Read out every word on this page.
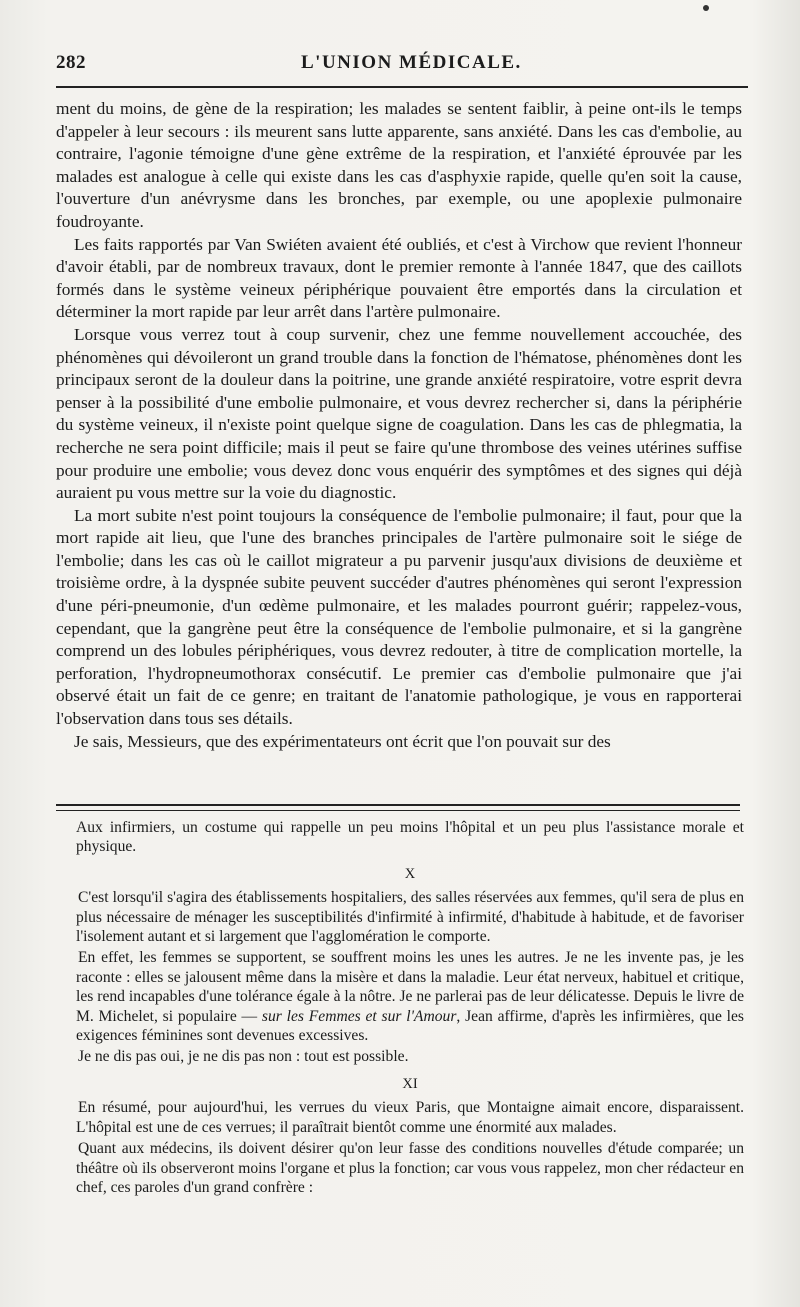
282	L'UNION MÉDICALE.

ment du moins, de gène de la respiration; les malades se sentent faiblir, à peine ont-ils le temps d'appeler à leur secours : ils meurent sans lutte apparente, sans anxiété. Dans les cas d'embolie, au contraire, l'agonie témoigne d'une gène extrême de la respiration, et l'anxiété éprouvée par les malades est analogue à celle qui existe dans les cas d'asphyxie rapide, quelle qu'en soit la cause, l'ouverture d'un anévrysme dans les bronches, par exemple, ou une apoplexie pulmonaire foudroyante.

Les faits rapportés par Van Swiéten avaient été oubliés, et c'est à Virchow que revient l'honneur d'avoir établi, par de nombreux travaux, dont le premier remonte à l'année 1847, que des caillots formés dans le système veineux périphérique pouvaient être emportés dans la circulation et déterminer la mort rapide par leur arrêt dans l'artère pulmonaire.

Lorsque vous verrez tout à coup survenir, chez une femme nouvellement accouchée, des phénomènes qui dévoileront un grand trouble dans la fonction de l'hématose, phénomènes dont les principaux seront de la douleur dans la poitrine, une grande anxiété respiratoire, votre esprit devra penser à la possibilité d'une embolie pulmonaire, et vous devrez rechercher si, dans la périphérie du système veineux, il n'existe point quelque signe de coagulation. Dans les cas de phlegmatia, la recherche ne sera point difficile; mais il peut se faire qu'une thrombose des veines utérines suffise pour produire une embolie; vous devez donc vous enquérir des symptômes et des signes qui déjà auraient pu vous mettre sur la voie du diagnostic.

La mort subite n'est point toujours la conséquence de l'embolie pulmonaire; il faut, pour que la mort rapide ait lieu, que l'une des branches principales de l'artère pulmonaire soit le siége de l'embolie; dans les cas où le caillot migrateur a pu parvenir jusqu'aux divisions de deuxième et troisième ordre, à la dyspnée subite peuvent succéder d'autres phénomènes qui seront l'expression d'une péri-pneumonie, d'un œdème pulmonaire, et les malades pourront guérir; rappelez-vous, cependant, que la gangrène peut être la conséquence de l'embolie pulmonaire, et si la gangrène comprend un des lobules périphériques, vous devrez redouter, à titre de complication mortelle, la perforation, l'hydropneumothorax consécutif. Le premier cas d'embolie pulmonaire que j'ai observé était un fait de ce genre; en traitant de l'anatomie pathologique, je vous en rapporterai l'observation dans tous ses détails.

Je sais, Messieurs, que des expérimentateurs ont écrit que l'on pouvait sur des

Aux infirmiers, un costume qui rappelle un peu moins l'hôpital et un peu plus l'assistance morale et physique.

X

C'est lorsqu'il s'agira des établissements hospitaliers, des salles réservées aux femmes, qu'il sera de plus en plus nécessaire de ménager les susceptibilités d'infirmité à infirmité, d'habitude à habitude, et de favoriser l'isolement autant et si largement que l'agglomération le comporte.

En effet, les femmes se supportent, se souffrent moins les unes les autres. Je ne les invente pas, je les raconte : elles se jalousent même dans la misère et dans la maladie. Leur état nerveux, habituel et critique, les rend incapables d'une tolérance égale à la nôtre. Je ne parlerai pas de leur délicatesse. Depuis le livre de M. Michelet, si populaire — sur les Femmes et sur l'Amour, Jean affirme, d'après les infirmières, que les exigences féminines sont devenues excessives.

Je ne dis pas oui, je ne dis pas non : tout est possible.

XI

En résumé, pour aujourd'hui, les verrues du vieux Paris, que Montaigne aimait encore, disparaissent. L'hôpital est une de ces verrues; il paraîtrait bientôt comme une énormité aux malades.

Quant aux médecins, ils doivent désirer qu'on leur fasse des conditions nouvelles d'étude comparée; un théâtre où ils observeront moins l'organe et plus la fonction; car vous vous rappelez, mon cher rédacteur en chef, ces paroles d'un grand confrère :
